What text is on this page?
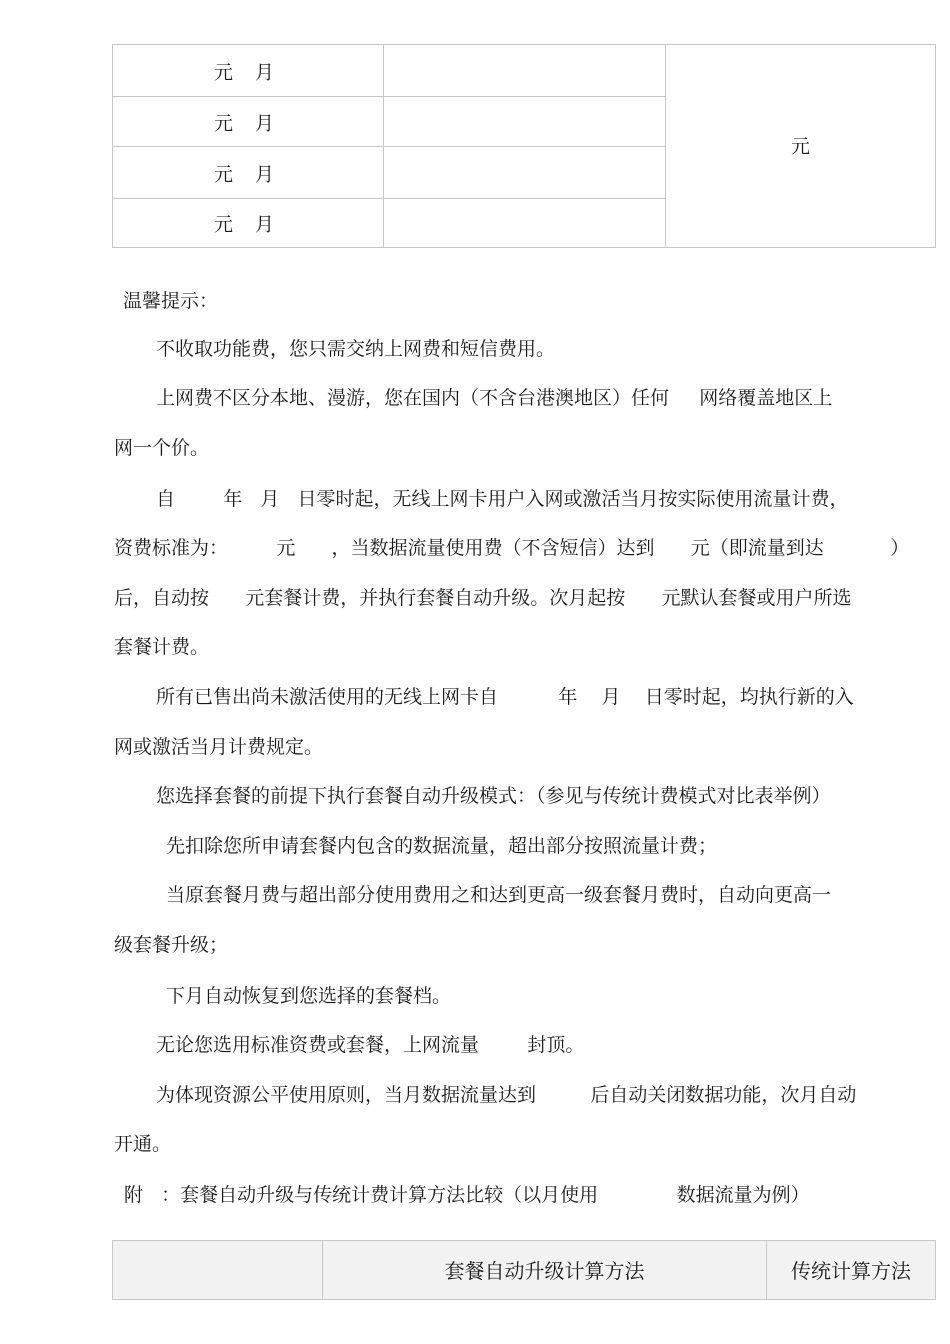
元 月
元 月
元 月
元 月
元
温馨提示：
不收取功能费，您只需交纳上网费和短信费用。
上网费不区分本地、漫游，您在国内（不含台港澳地区）任何     网络覆盖地区上
网一个价。
自        年   月   日零时起，无线上网卡用户入网或激活当月按实际使用流量计费，
资费标准为：        元      ，当数据流量使用费（不含短信）达到      元（即流量到达           ）
后，自动按      元套餐计费，并执行套餐自动升级。次月起按      元默认套餐或用户所选
套餐计费。
所有已售出尚未激活使用的无线上网卡自          年    月    日零时起，均执行新的入
网或激活当月计费规定。
您选择套餐的前提下执行套餐自动升级模式：（参见与传统计费模式对比表举例）
先扣除您所申请套餐内包含的数据流量，超出部分按照流量计费；
当原套餐月费与超出部分使用费用之和达到更高一级套餐月费时，自动向更高一
级套餐升级；
下月自动恢复到您选择的套餐档。
无论您选用标准资费或套餐，上网流量        封顶。
为体现资源公平使用原则，当月数据流量达到         后自动关闭数据功能，次月自动
开通。
附   ：套餐自动升级与传统计费计算方法比较（以月使用             数据流量为例）
套餐自动升级计算方法	传统计算方法
